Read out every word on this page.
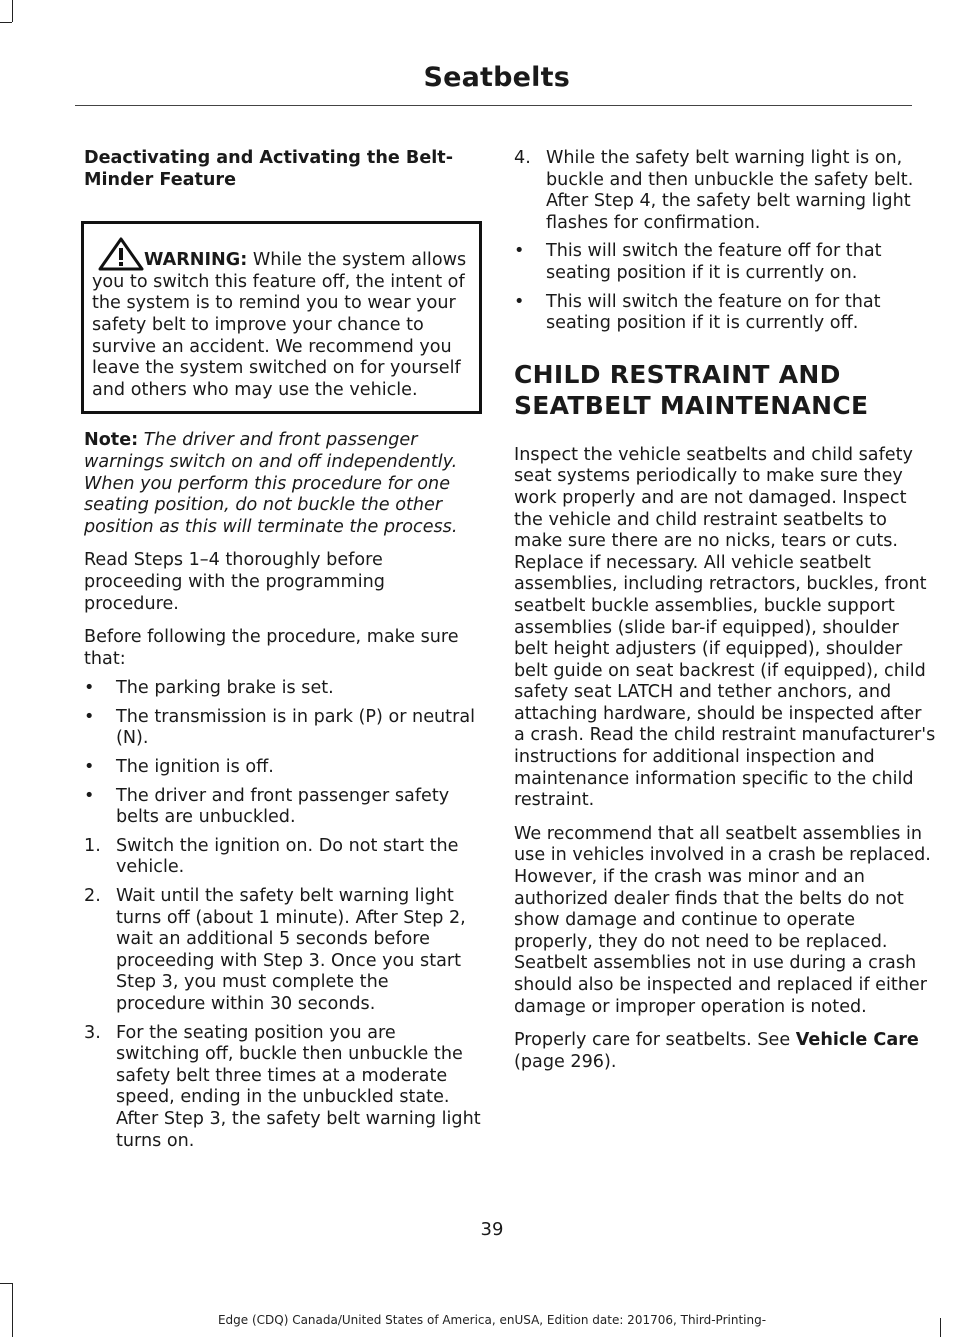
Seatbelts
Deactivating and Activating the Belt-Minder Feature
WARNING: While the system allows you to switch this feature off, the intent of the system is to remind you to wear your safety belt to improve your chance to survive an accident. We recommend you leave the system switched on for yourself and others who may use the vehicle.

Note: The driver and front passenger warnings switch on and off independently. When you perform this procedure for one seating position, do not buckle the other position as this will terminate the process.

Read Steps 1–4 thoroughly before proceeding with the programming procedure.

Before following the procedure, make sure that:

• The parking brake is set.
• The transmission is in park (P) or neutral (N).
• The ignition is off.
• The driver and front passenger safety belts are unbuckled.
1. Switch the ignition on. Do not start the vehicle.
2. Wait until the safety belt warning light turns off (about 1 minute). After Step 2, wait an additional 5 seconds before proceeding with Step 3. Once you start Step 3, you must complete the procedure within 30 seconds.
3. For the seating position you are switching off, buckle then unbuckle the safety belt three times at a moderate speed, ending in the unbuckled state. After Step 3, the safety belt warning light turns on.
4. While the safety belt warning light is on, buckle and then unbuckle the safety belt. After Step 4, the safety belt warning light flashes for confirmation.
• This will switch the feature off for that seating position if it is currently on.
• This will switch the feature on for that seating position if it is currently off.
CHILD RESTRAINT AND SEATBELT MAINTENANCE

Inspect the vehicle seatbelts and child safety seat systems periodically to make sure they work properly and are not damaged. Inspect the vehicle and child restraint seatbelts to make sure there are no nicks, tears or cuts. Replace if necessary. All vehicle seatbelt assemblies, including retractors, buckles, front seatbelt buckle assemblies, buckle support assemblies (slide bar-if equipped), shoulder belt height adjusters (if equipped), shoulder belt guide on seat backrest (if equipped), child safety seat LATCH and tether anchors, and attaching hardware, should be inspected after a crash. Read the child restraint manufacturer's instructions for additional inspection and maintenance information specific to the child restraint.

We recommend that all seatbelt assemblies in use in vehicles involved in a crash be replaced. However, if the crash was minor and an authorized dealer finds that the belts do not show damage and continue to operate properly, they do not need to be replaced. Seatbelt assemblies not in use during a crash should also be inspected and replaced if either damage or improper operation is noted.

Properly care for seatbelts. See Vehicle Care (page 296).

39
Edge (CDQ) Canada/United States of America, enUSA, Edition date: 201706, Third-Printing-
